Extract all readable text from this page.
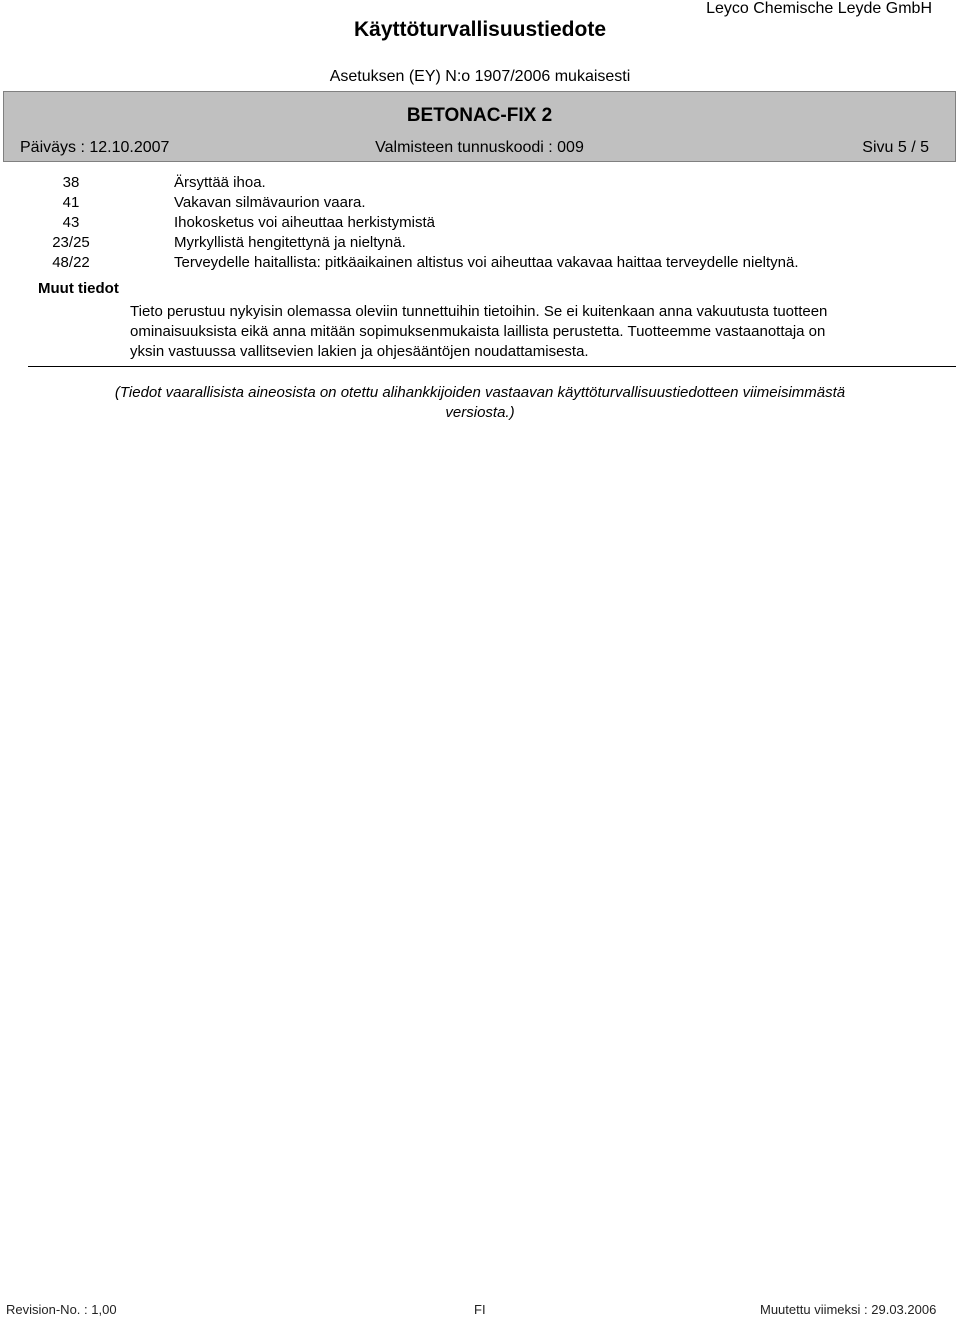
Käyttöturvallisuustiedote
Leyco Chemische Leyde GmbH
Asetuksen (EY) N:o 1907/2006 mukaisesti
BETONAC-FIX 2
Päiväys : 12.10.2007	Valmisteen tunnuskoodi : 009	Sivu 5 / 5
38	Ärsyttää ihoa.
41	Vakavan silmävaurion vaara.
43	Ihokosketus voi aiheuttaa herkistymistä
23/25	Myrkyllistä hengitettynä ja nieltynä.
48/22	Terveydelle haitallista: pitkäaikainen altistus voi aiheuttaa vakavaa haittaa terveydelle nieltynä.
Muut tiedot
Tieto perustuu nykyisin olemassa oleviin tunnettuihin tietoihin. Se ei kuitenkaan anna vakuutusta tuotteen ominaisuuksista eikä anna mitään sopimuksenmukaista laillista perustetta. Tuotteemme vastaanottaja on yksin vastuussa vallitsevien lakien ja ohjesääntöjen noudattamisesta.
(Tiedot vaarallisista aineosista on otettu alihankkijoiden vastaavan käyttöturvallisuustiedotteen viimeisimmästä versiosta.)
Revision-No. : 1,00	FI	Muutettu viimeksi : 29.03.2006
